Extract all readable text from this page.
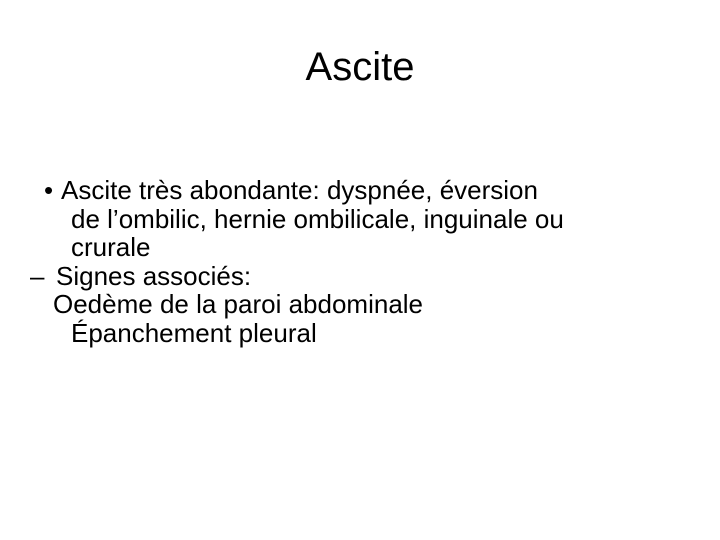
Ascite
• Ascite très abondante: dyspnée, éversion
de l’ombilic, hernie ombilicale, inguinale ou
crurale
– Signes associés:
Oedème de la paroi abdominale
Épanchement pleural
